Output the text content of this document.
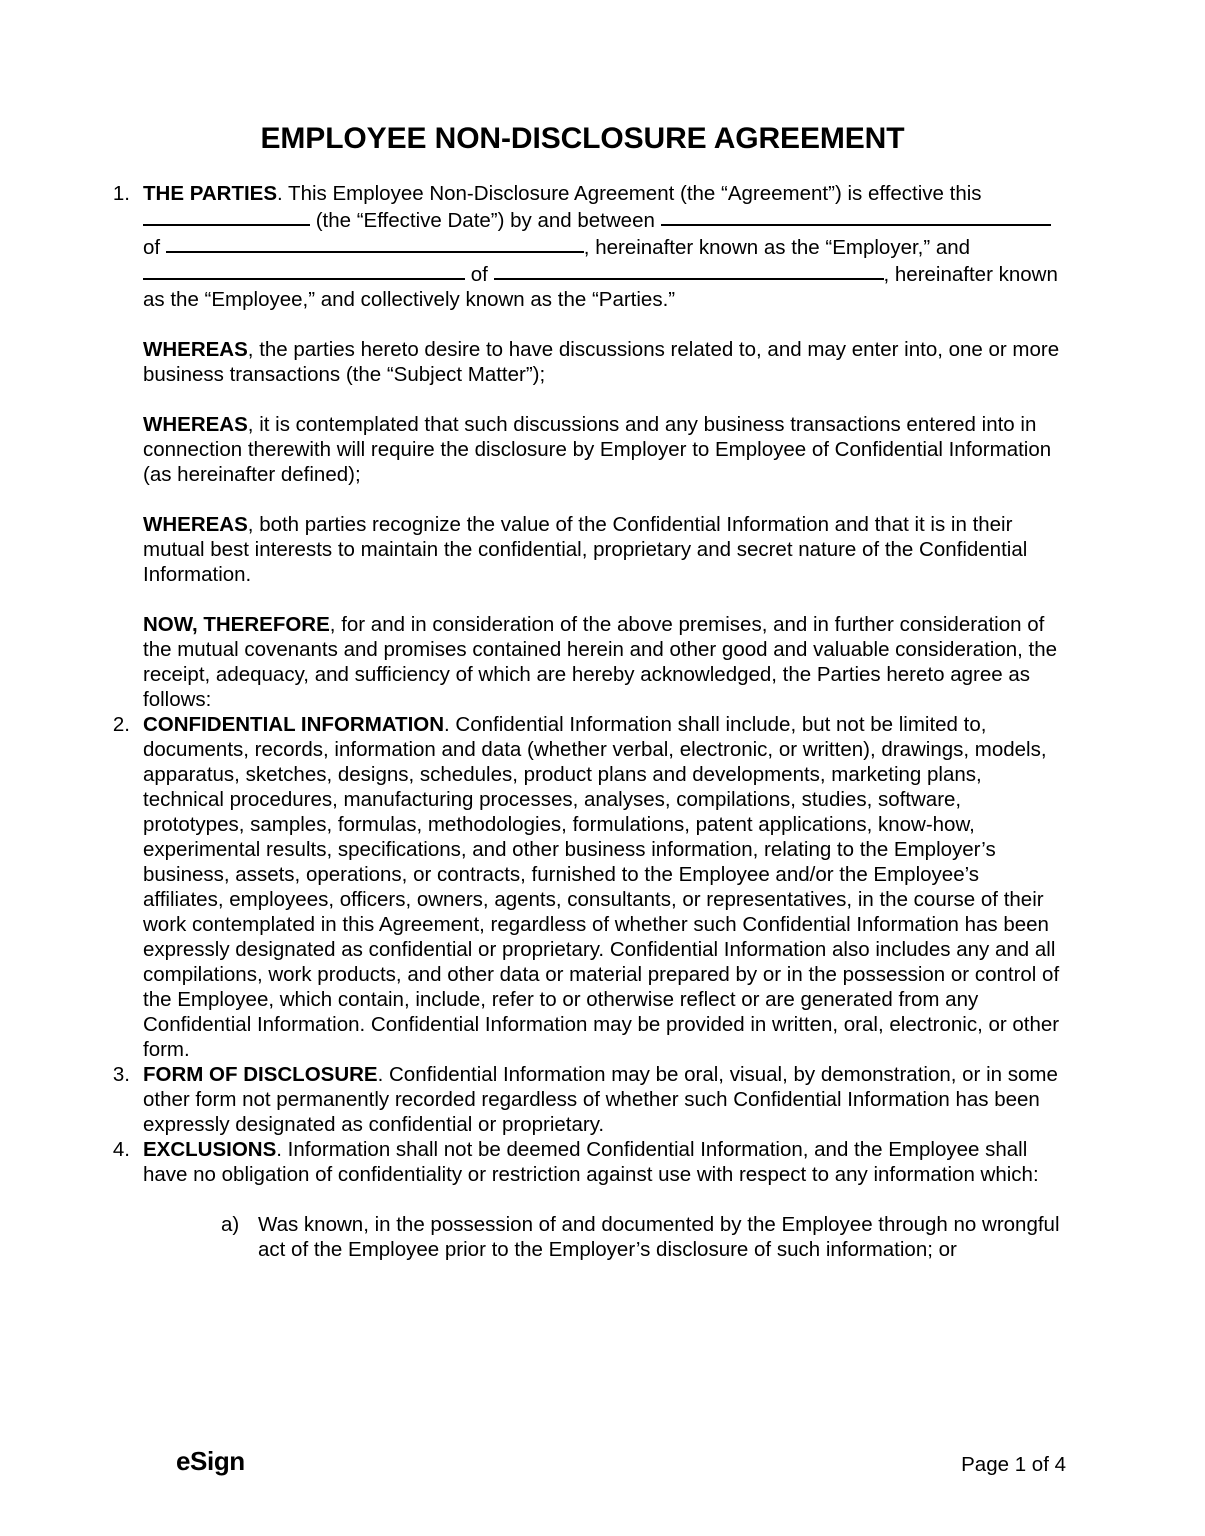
EMPLOYEE NON-DISCLOSURE AGREEMENT
1. THE PARTIES. This Employee Non-Disclosure Agreement (the “Agreement”) is effective this  (the “Effective Date”) by and between  of	, hereinafter known as the “Employer,” and  of	, hereinafter known as the “Employee,” and collectively known as the “Parties.”

WHEREAS, the parties hereto desire to have discussions related to, and may enter into, one or more business transactions (the “Subject Matter”);

WHEREAS, it is contemplated that such discussions and any business transactions entered into in connection therewith will require the disclosure by Employer to Employee of Confidential Information (as hereinafter defined);

WHEREAS, both parties recognize the value of the Confidential Information and that it is in their mutual best interests to maintain the confidential, proprietary and secret nature of the Confidential Information.

NOW, THEREFORE, for and in consideration of the above premises, and in further consideration of the mutual covenants and promises contained herein and other good and valuable consideration, the receipt, adequacy, and sufficiency of which are hereby acknowledged, the Parties hereto agree as follows:

2. CONFIDENTIAL INFORMATION. Confidential Information shall include, but not be limited to, documents, records, information and data (whether verbal, electronic, or written), drawings, models, apparatus, sketches, designs, schedules, product plans and developments, marketing plans, technical procedures, manufacturing processes, analyses, compilations, studies, software, prototypes, samples, formulas, methodologies, formulations, patent applications, know-how, experimental results, specifications, and other business information, relating to the Employer’s business, assets, operations, or contracts, furnished to the Employee and/or the Employee’s affiliates, employees, officers, owners, agents, consultants, or representatives, in the course of their work contemplated in this Agreement, regardless of whether such Confidential Information has been expressly designated as confidential or proprietary. Confidential Information also includes any and all compilations, work products, and other data or material prepared by or in the possession or control of the Employee, which contain, include, refer to or otherwise reflect or are generated from any Confidential Information. Confidential Information may be provided in written, oral, electronic, or other form.

3. FORM OF DISCLOSURE. Confidential Information may be oral, visual, by demonstration, or in some other form not permanently recorded regardless of whether such Confidential Information has been expressly designated as confidential or proprietary.

4. EXCLUSIONS. Information shall not be deemed Confidential Information, and the Employee shall have no obligation of confidentiality or restriction against use with respect to any information which:

a) Was known, in the possession of and documented by the Employee through no wrongful act of the Employee prior to the Employer’s disclosure of such information; or

eSign	Page 1 of 4
